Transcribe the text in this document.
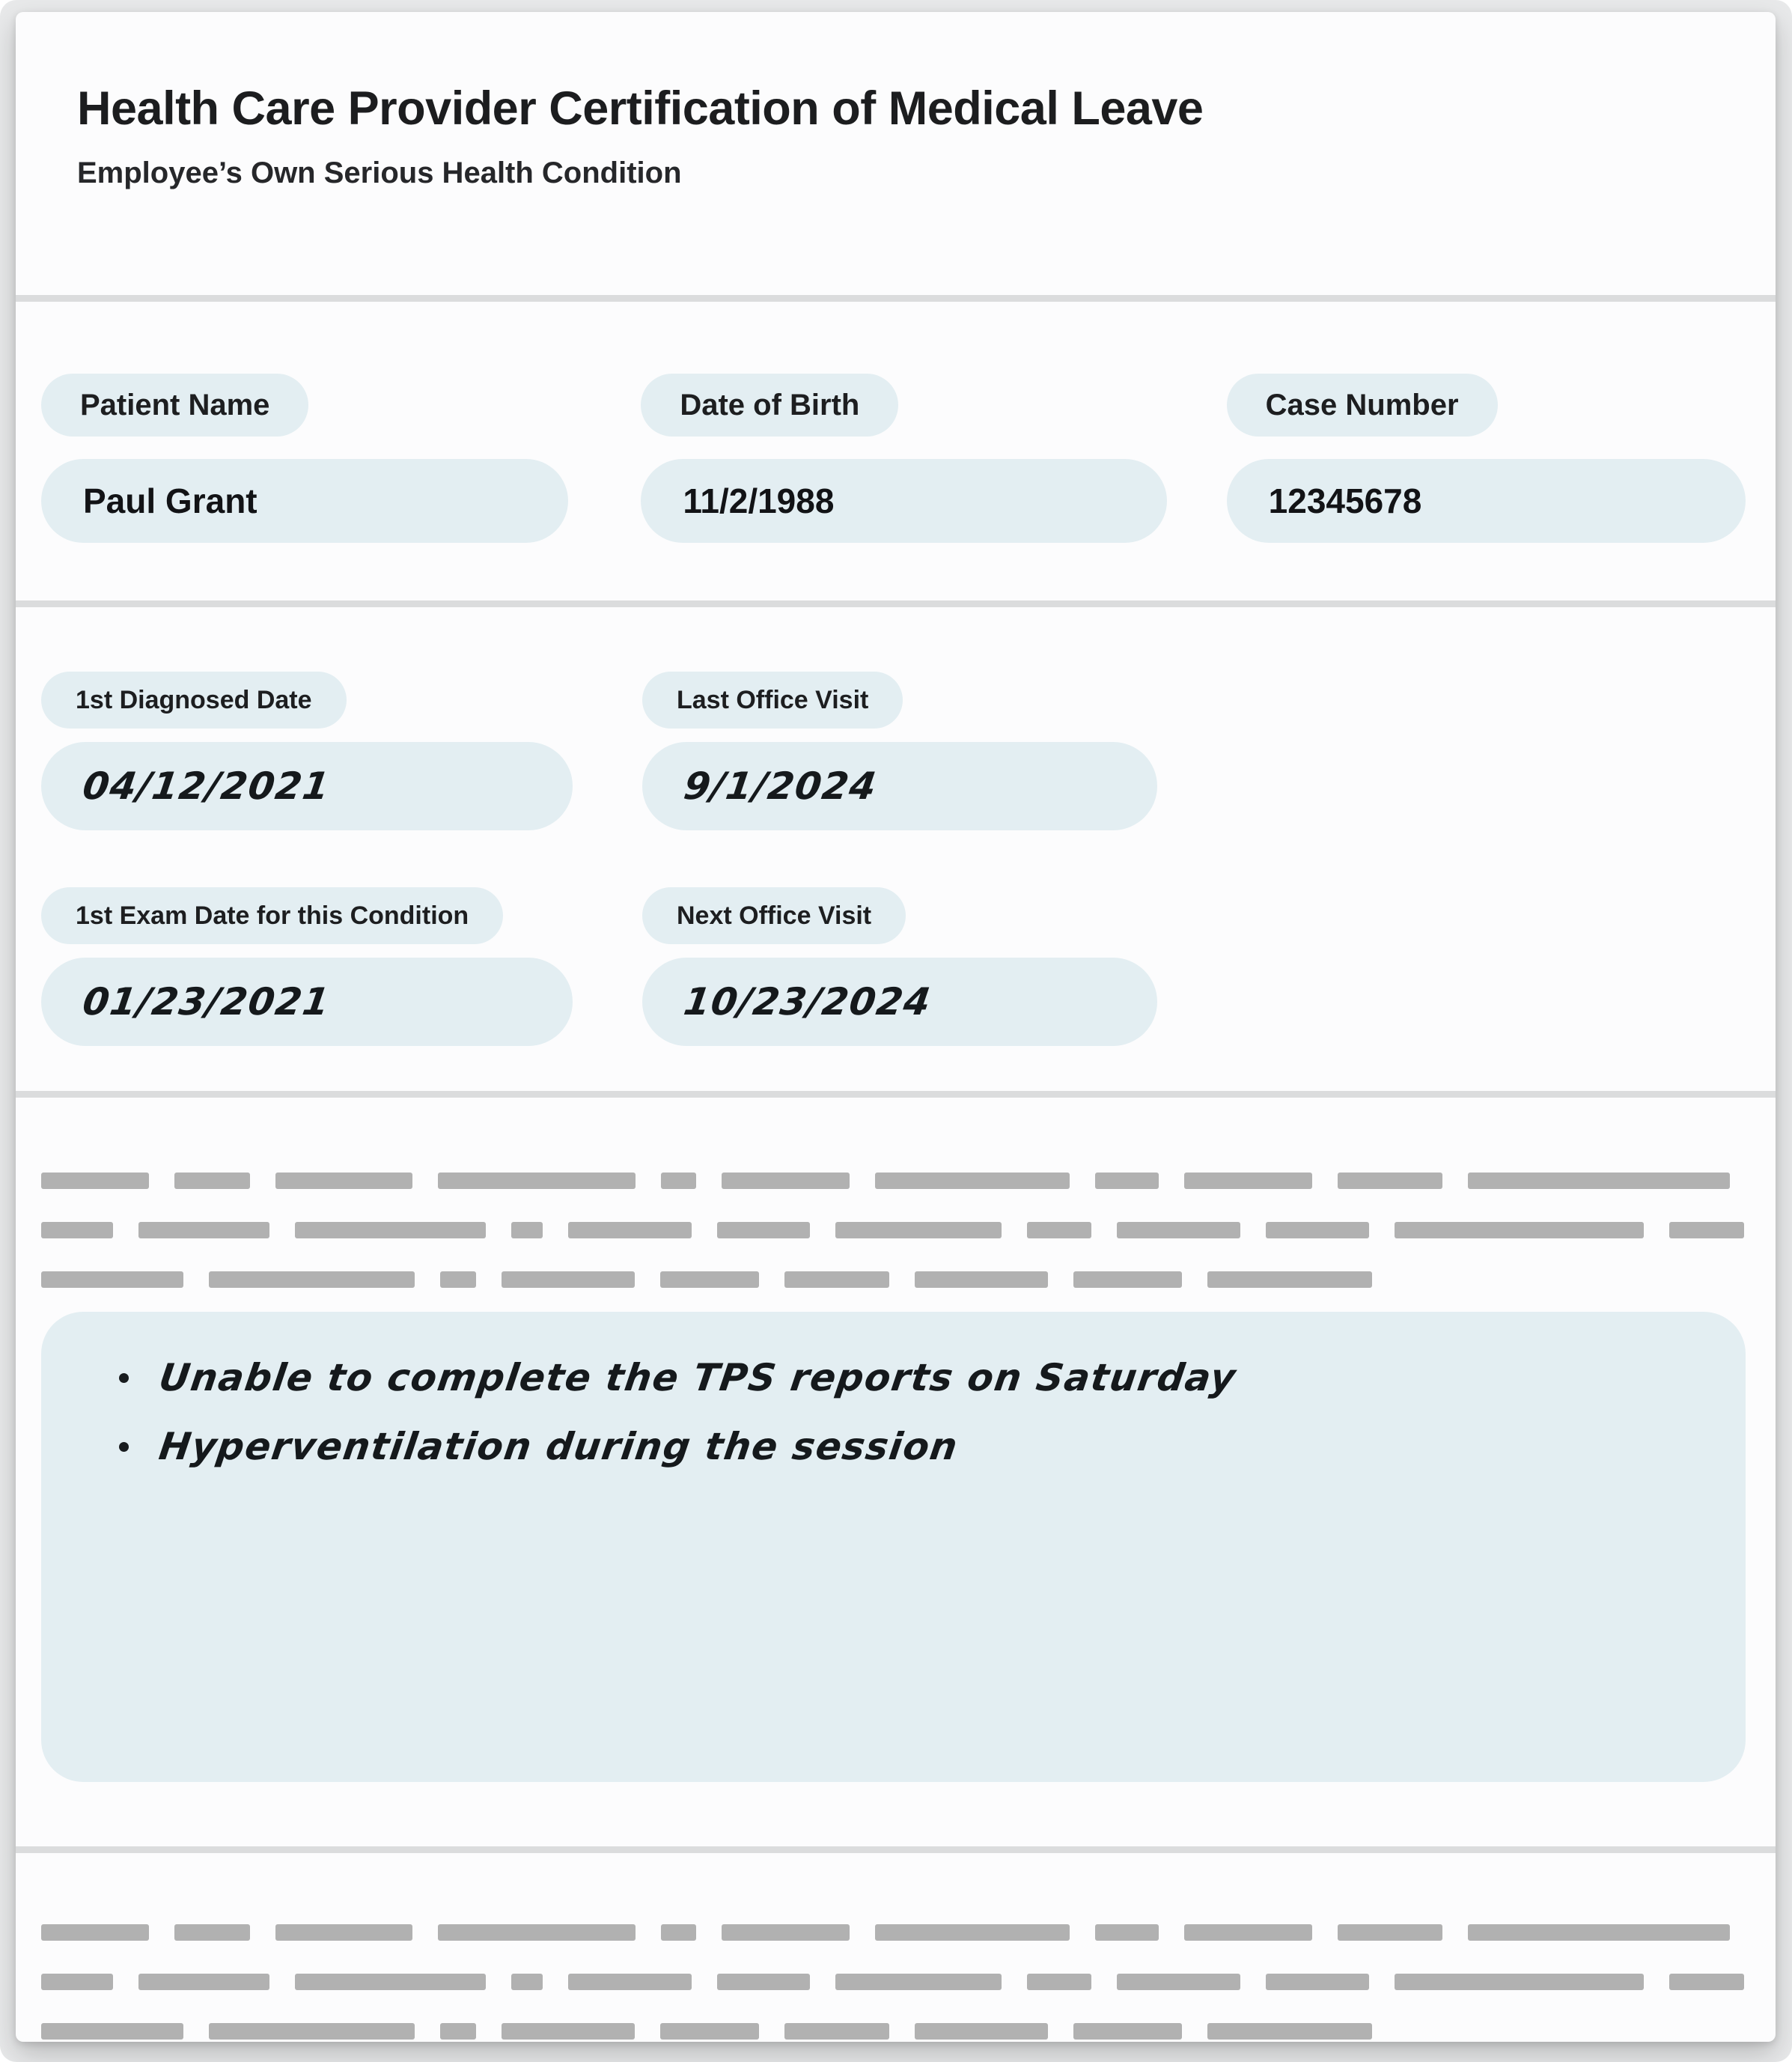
Health Care Provider Certification of Medical Leave
Employee’s Own Serious Health Condition
Patient Name
Paul Grant
Date of Birth
11/2/1988
Case Number
12345678
1st Diagnosed Date
04/12/2021
Last Office Visit
9/1/2024
1st Exam Date for this Condition
01/23/2021
Next Office Visit
10/23/2024
Unable to complete the TPS reports on Saturday
Hyperventilation during the session
